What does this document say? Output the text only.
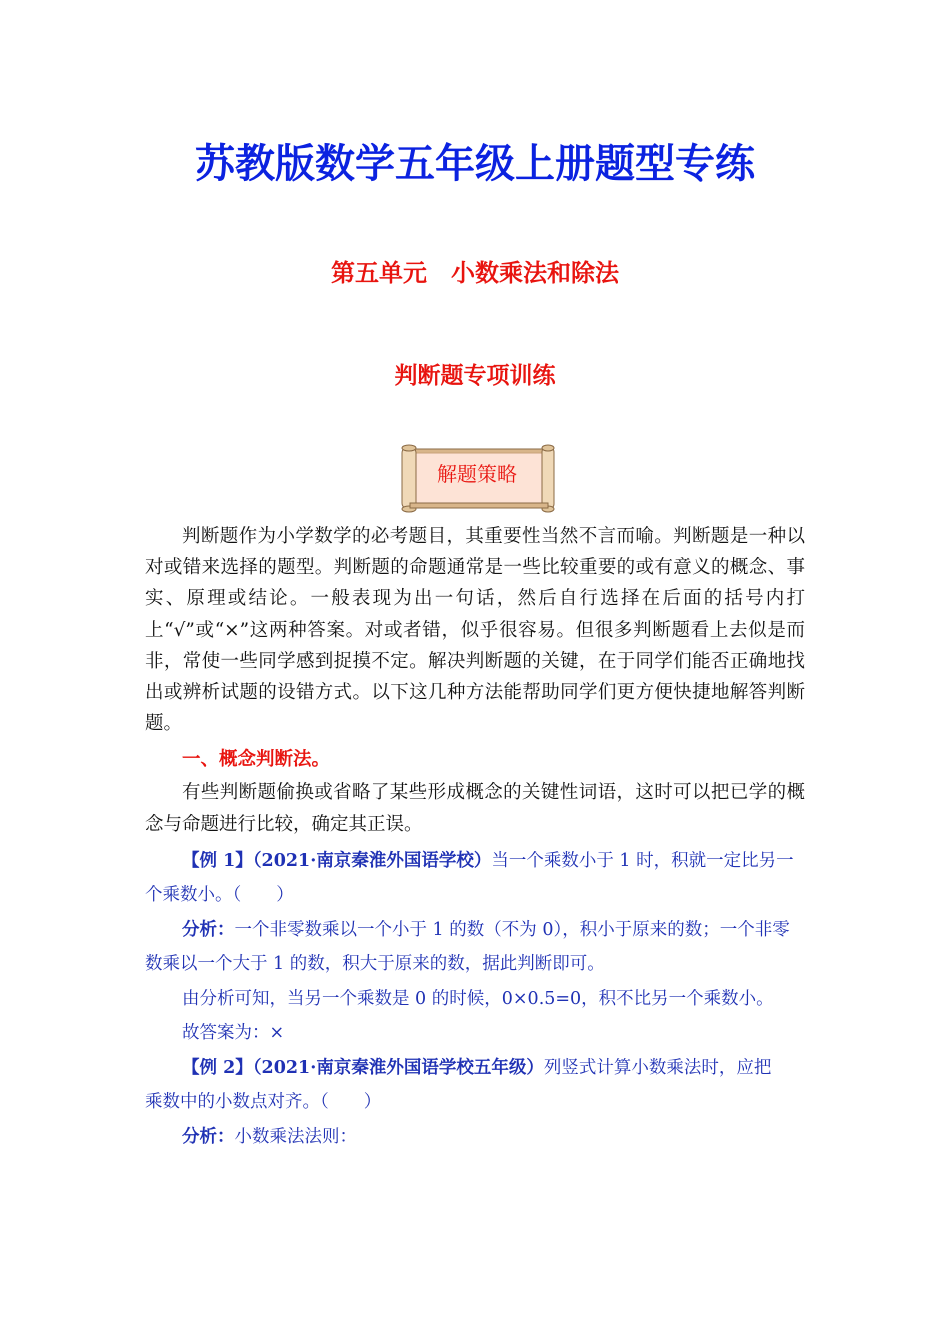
苏教版数学五年级上册题型专练
第五单元　小数乘法和除法
判断题专项训练
解题策略

判断题作为小学数学的必考题目，其重要性当然不言而喻。判断题是一种以对或错来选择的题型。判断题的命题通常是一些比较重要的或有意义的概念、事实、原理或结论。一般表现为出一句话，然后自行选择在后面的括号内打上“√”或“×”这两种答案。对或者错，似乎很容易。但很多判断题看上去似是而非，常使一些同学感到捉摸不定。解决判断题的关键，在于同学们能否正确地找出或辨析试题的设错方式。以下这几种方法能帮助同学们更方便快捷地解答判断题。

一、概念判断法。

有些判断题偷换或省略了某些形成概念的关键性词语，这时可以把已学的概念与命题进行比较，确定其正误。

【例 1】（2021·南京秦淮外国语学校）当一个乘数小于 1 时，积就一定比另一个乘数小。（　　）

分析：一个非零数乘以一个小于 1 的数（不为 0），积小于原来的数；一个非零数乘以一个大于 1 的数，积大于原来的数，据此判断即可。

由分析可知，当另一个乘数是 0 的时候，0×0.5=0，积不比另一个乘数小。

故答案为：×

【例 2】（2021·南京秦淮外国语学校五年级）列竖式计算小数乘法时，应把乘数中的小数点对齐。（　　）

分析：小数乘法法则：
